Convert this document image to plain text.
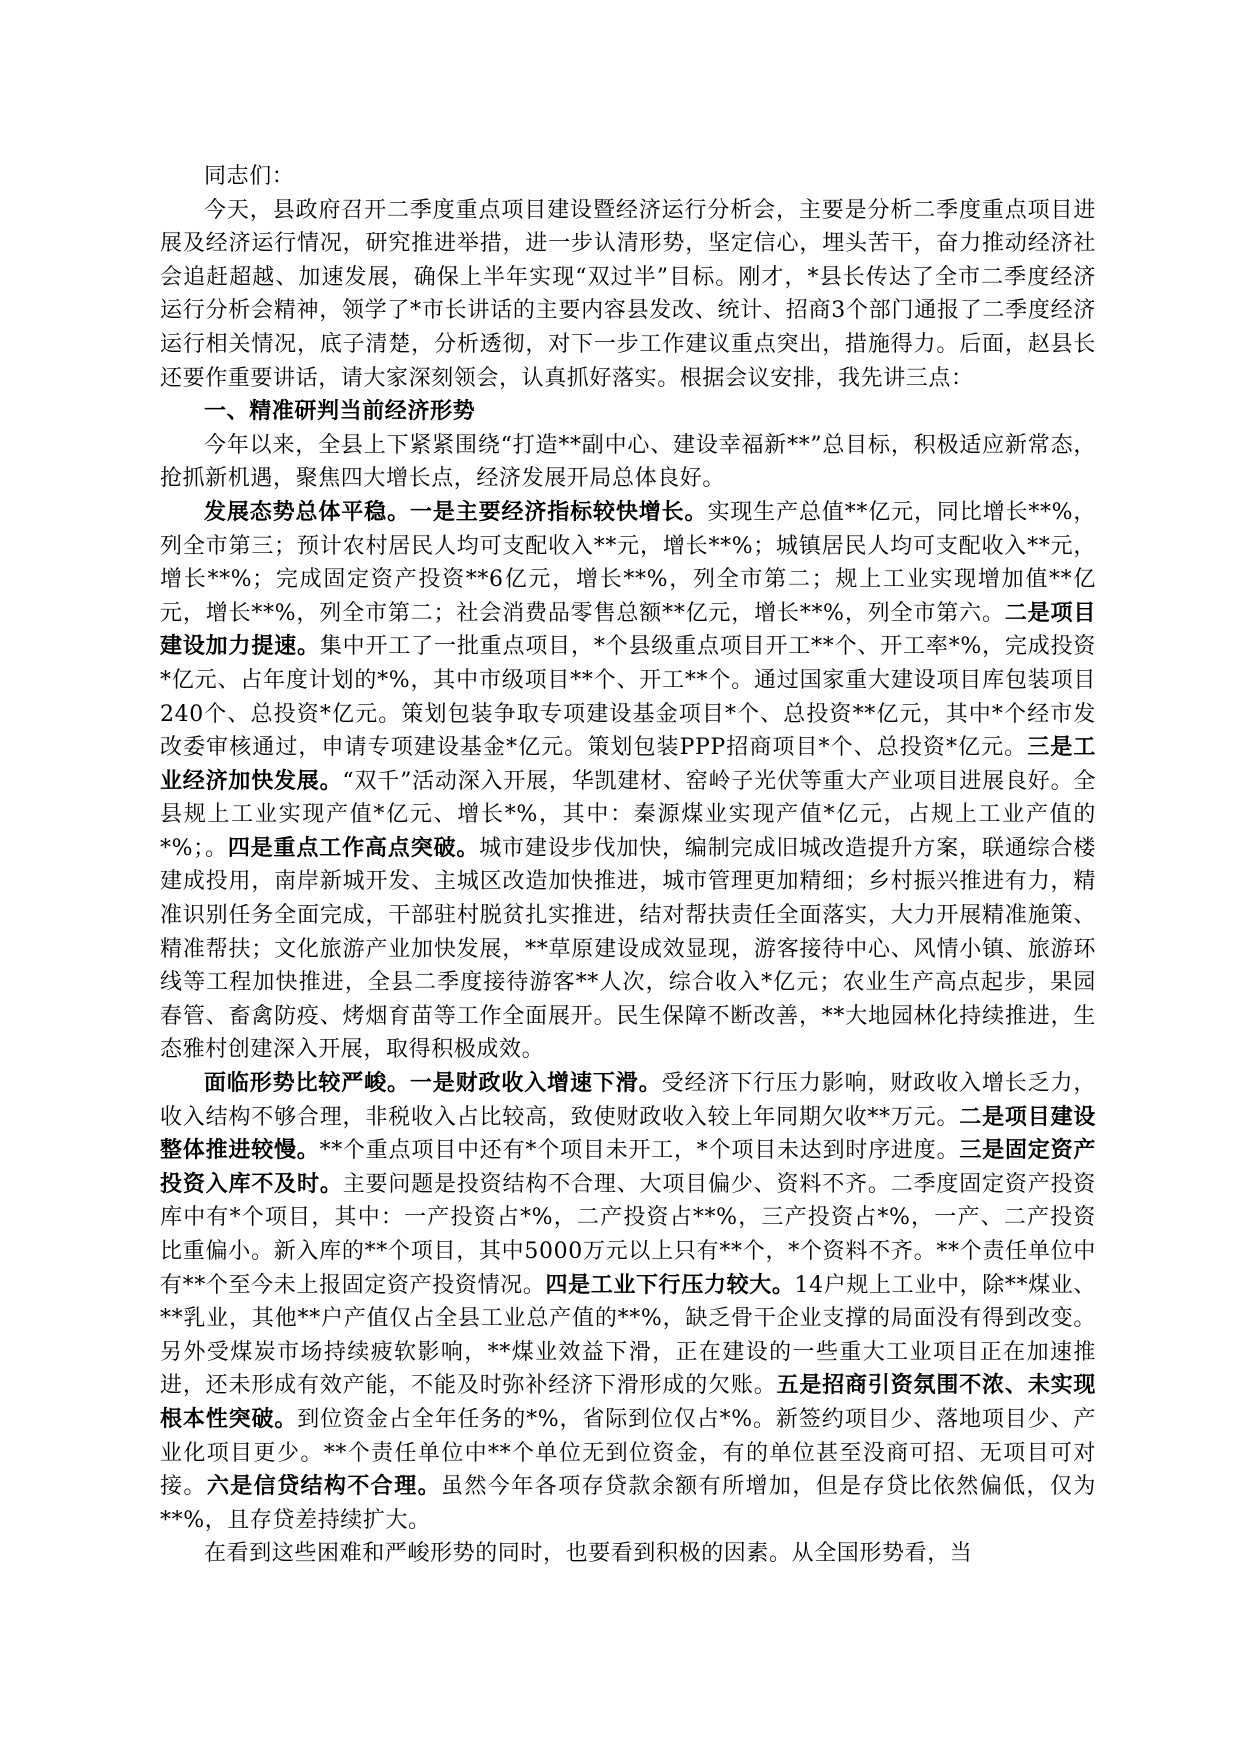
同志们：

今天，县政府召开二季度重点项目建设暨经济运行分析会，主要是分析二季度重点项目进展及经济运行情况，研究推进举措，进一步认清形势，坚定信心，埋头苦干，奋力推动经济社会追赶超越、加速发展，确保上半年实现“双过半”目标。刚才，*县长传达了全市二季度经济运行分析会精神，领学了*市长讲话的主要内容县发改、统计、招商3个部门通报了二季度经济运行相关情况，底子清楚，分析透彻，对下一步工作建议重点突出，措施得力。后面，赵县长还要作重要讲话，请大家深刻领会，认真抓好落实。根据会议安排，我先讲三点：

一、精准研判当前经济形势

今年以来，全县上下紧紧围绕“打造**副中心、建设幸福新**”总目标，积极适应新常态，抢抓新机遇，聚焦四大增长点，经济发展开局总体良好。

发展态势总体平稳。一是主要经济指标较快增长。实现生产总值**亿元，同比增长**%，列全市第三；预计农村居民人均可支配收入**元，增长**%；城镇居民人均可支配收入**元，增长**%；完成固定资产投资**6亿元，增长**%，列全市第二；规上工业实现增加值**亿元，增长**%，列全市第二；社会消费品零售总额**亿元，增长**%，列全市第六。二是项目建设加力提速。集中开工了一批重点项目，*个县级重点项目开工**个、开工率*%，完成投资*亿元、占年度计划的*%，其中市级项目**个、开工**个。通过国家重大建设项目库包装项目240个、总投资*亿元。策划包装争取专项建设基金项目*个、总投资**亿元，其中*个经市发改委审核通过，申请专项建设基金*亿元。策划包装PPP招商项目*个、总投资*亿元。三是工业经济加快发展。“双千”活动深入开展，华凯建材、窑岭子光伏等重大产业项目进展良好。全县规上工业实现产值*亿元、增长*%，其中：秦源煤业实现产值*亿元，占规上工业产值的*%；。四是重点工作高点突破。城市建设步伐加快，编制完成旧城改造提升方案，联通综合楼建成投用，南岸新城开发、主城区改造加快推进，城市管理更加精细；乡村振兴推进有力，精准识别任务全面完成，干部驻村脱贫扎实推进，结对帮扶责任全面落实，大力开展精准施策、精准帮扶；文化旅游产业加快发展，**草原建设成效显现，游客接待中心、风情小镇、旅游环线等工程加快推进，全县二季度接待游客**人次，综合收入*亿元；农业生产高点起步，果园春管、畜禽防疫、烤烟育苗等工作全面展开。民生保障不断改善，**大地园林化持续推进，生态雅村创建深入开展，取得积极成效。

面临形势比较严峻。一是财政收入增速下滑。受经济下行压力影响，财政收入增长乏力，收入结构不够合理，非税收入占比较高，致使财政收入较上年同期欠收**万元。二是项目建设整体推进较慢。**个重点项目中还有*个项目未开工，*个项目未达到时序进度。三是固定资产投资入库不及时。主要问题是投资结构不合理、大项目偏少、资料不齐。二季度固定资产投资库中有*个项目，其中：一产投资占*%，二产投资占**%，三产投资占*%，一产、二产投资比重偏小。新入库的**个项目，其中5000万元以上只有**个，*个资料不齐。**个责任单位中有**个至今未上报固定资产投资情况。四是工业下行压力较大。14户规上工业中，除**煤业、**乳业，其他**户产值仅占全县工业总产值的**%，缺乏骨干企业支撑的局面没有得到改变。另外受煤炭市场持续疲软影响，**煤业效益下滑，正在建设的一些重大工业项目正在加速推进，还未形成有效产能，不能及时弥补经济下滑形成的欠账。五是招商引资氛围不浓、未实现根本性突破。到位资金占全年任务的*%，省际到位仅占*%。新签约项目少、落地项目少、产业化项目更少。**个责任单位中**个单位无到位资金，有的单位甚至没商可招、无项目可对接。六是信贷结构不合理。虽然今年各项存贷款余额有所增加，但是存贷比依然偏低，仅为**%，且存贷差持续扩大。

在看到这些困难和严峻形势的同时，也要看到积极的因素。从全国形势看，当
